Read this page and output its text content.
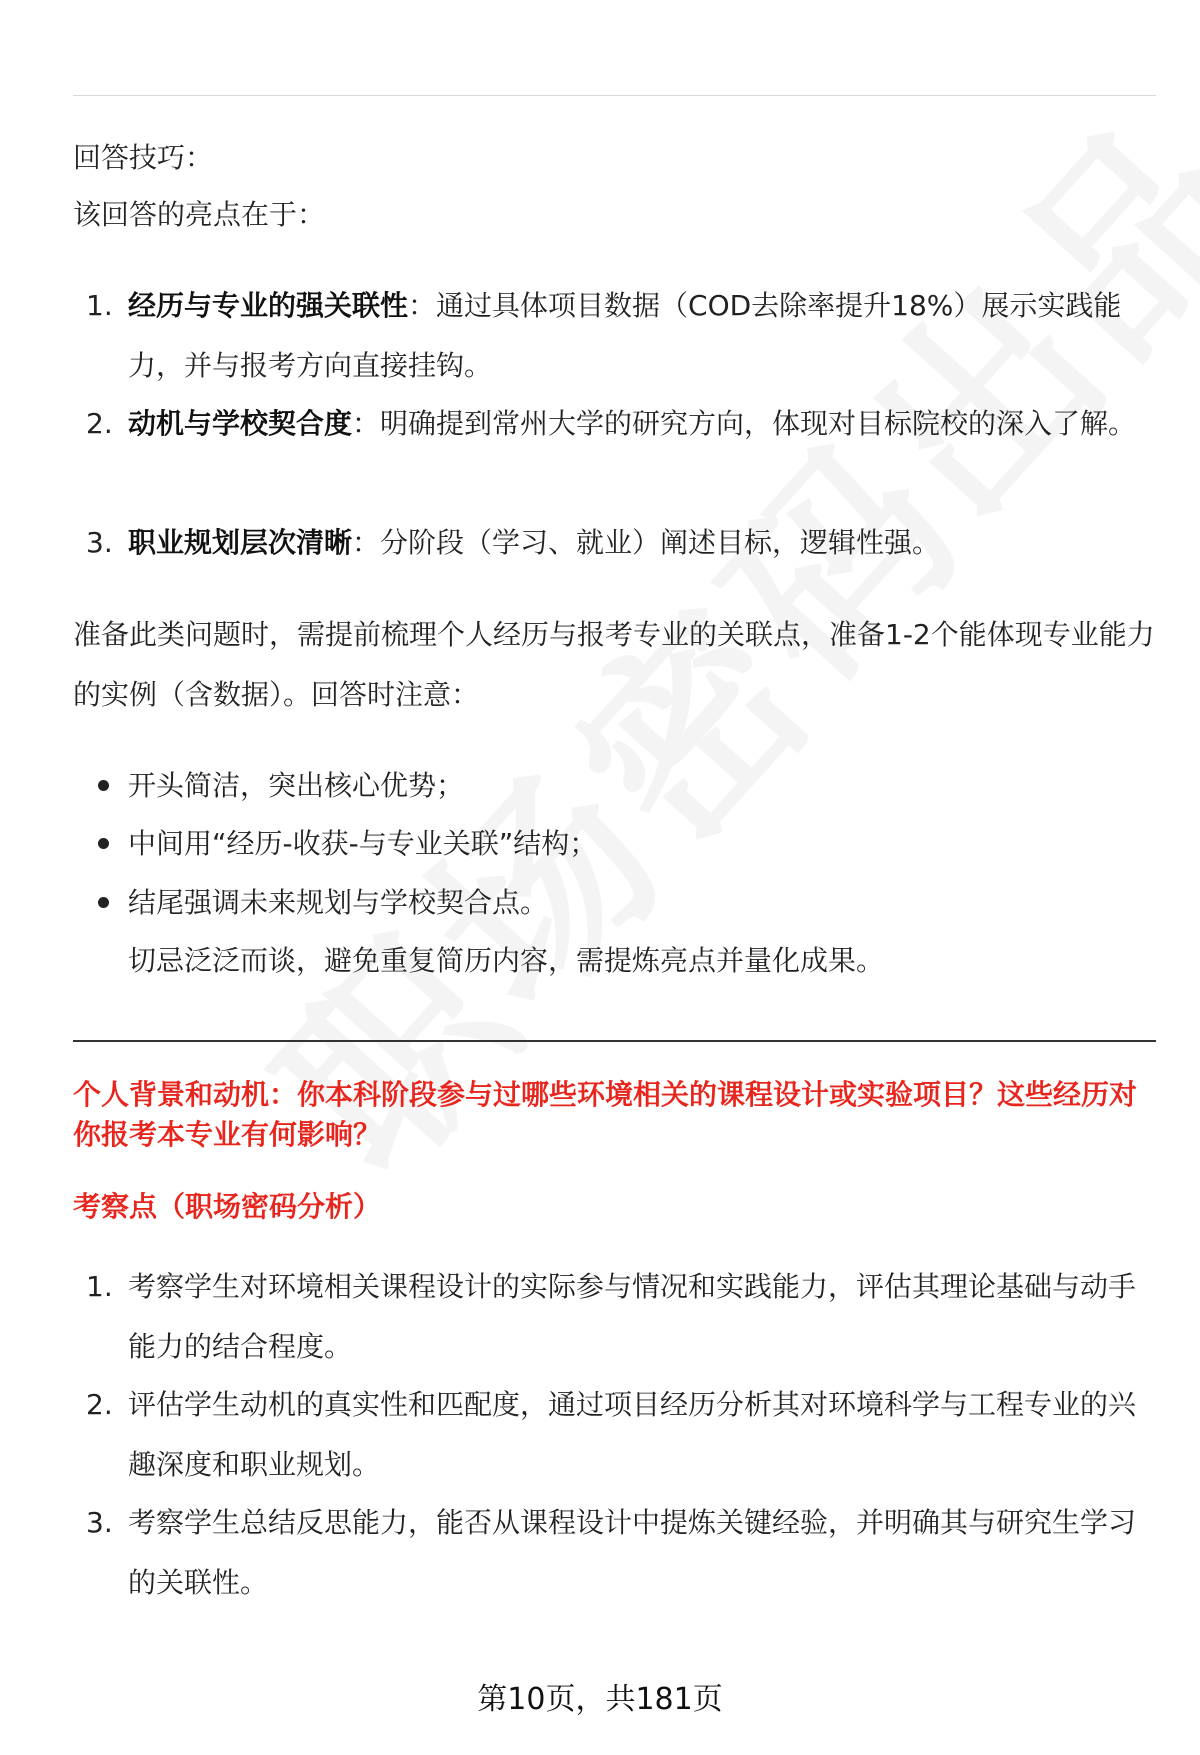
回答技巧：
该回答的亮点在于：
1. 经历与专业的强关联性：通过具体项目数据（COD去除率提升18%）展示实践能力，并与报考方向直接挂钩。
2. 动机与学校契合度：明确提到常州大学的研究方向，体现对目标院校的深入了解。
3. 职业规划层次清晰：分阶段（学习、就业）阐述目标，逻辑性强。
准备此类问题时，需提前梳理个人经历与报考专业的关联点，准备1-2个能体现专业能力的实例（含数据）。回答时注意：
开头简洁，突出核心优势；
中间用“经历-收获-与专业关联”结构；
结尾强调未来规划与学校契合点。
切忌泛泛而谈，避免重复简历内容，需提炼亮点并量化成果。
个人背景和动机：你本科阶段参与过哪些环境相关的课程设计或实验项目？这些经历对你报考本专业有何影响？
考察点（职场密码分析）
1. 考察学生对环境相关课程设计的实际参与情况和实践能力，评估其理论基础与动手能力的结合程度。
2. 评估学生动机的真实性和匹配度，通过项目经历分析其对环境科学与工程专业的兴趣深度和职业规划。
3. 考察学生总结反思能力，能否从课程设计中提炼关键经验，并明确其与研究生学习的关联性。
第10页，共181页
